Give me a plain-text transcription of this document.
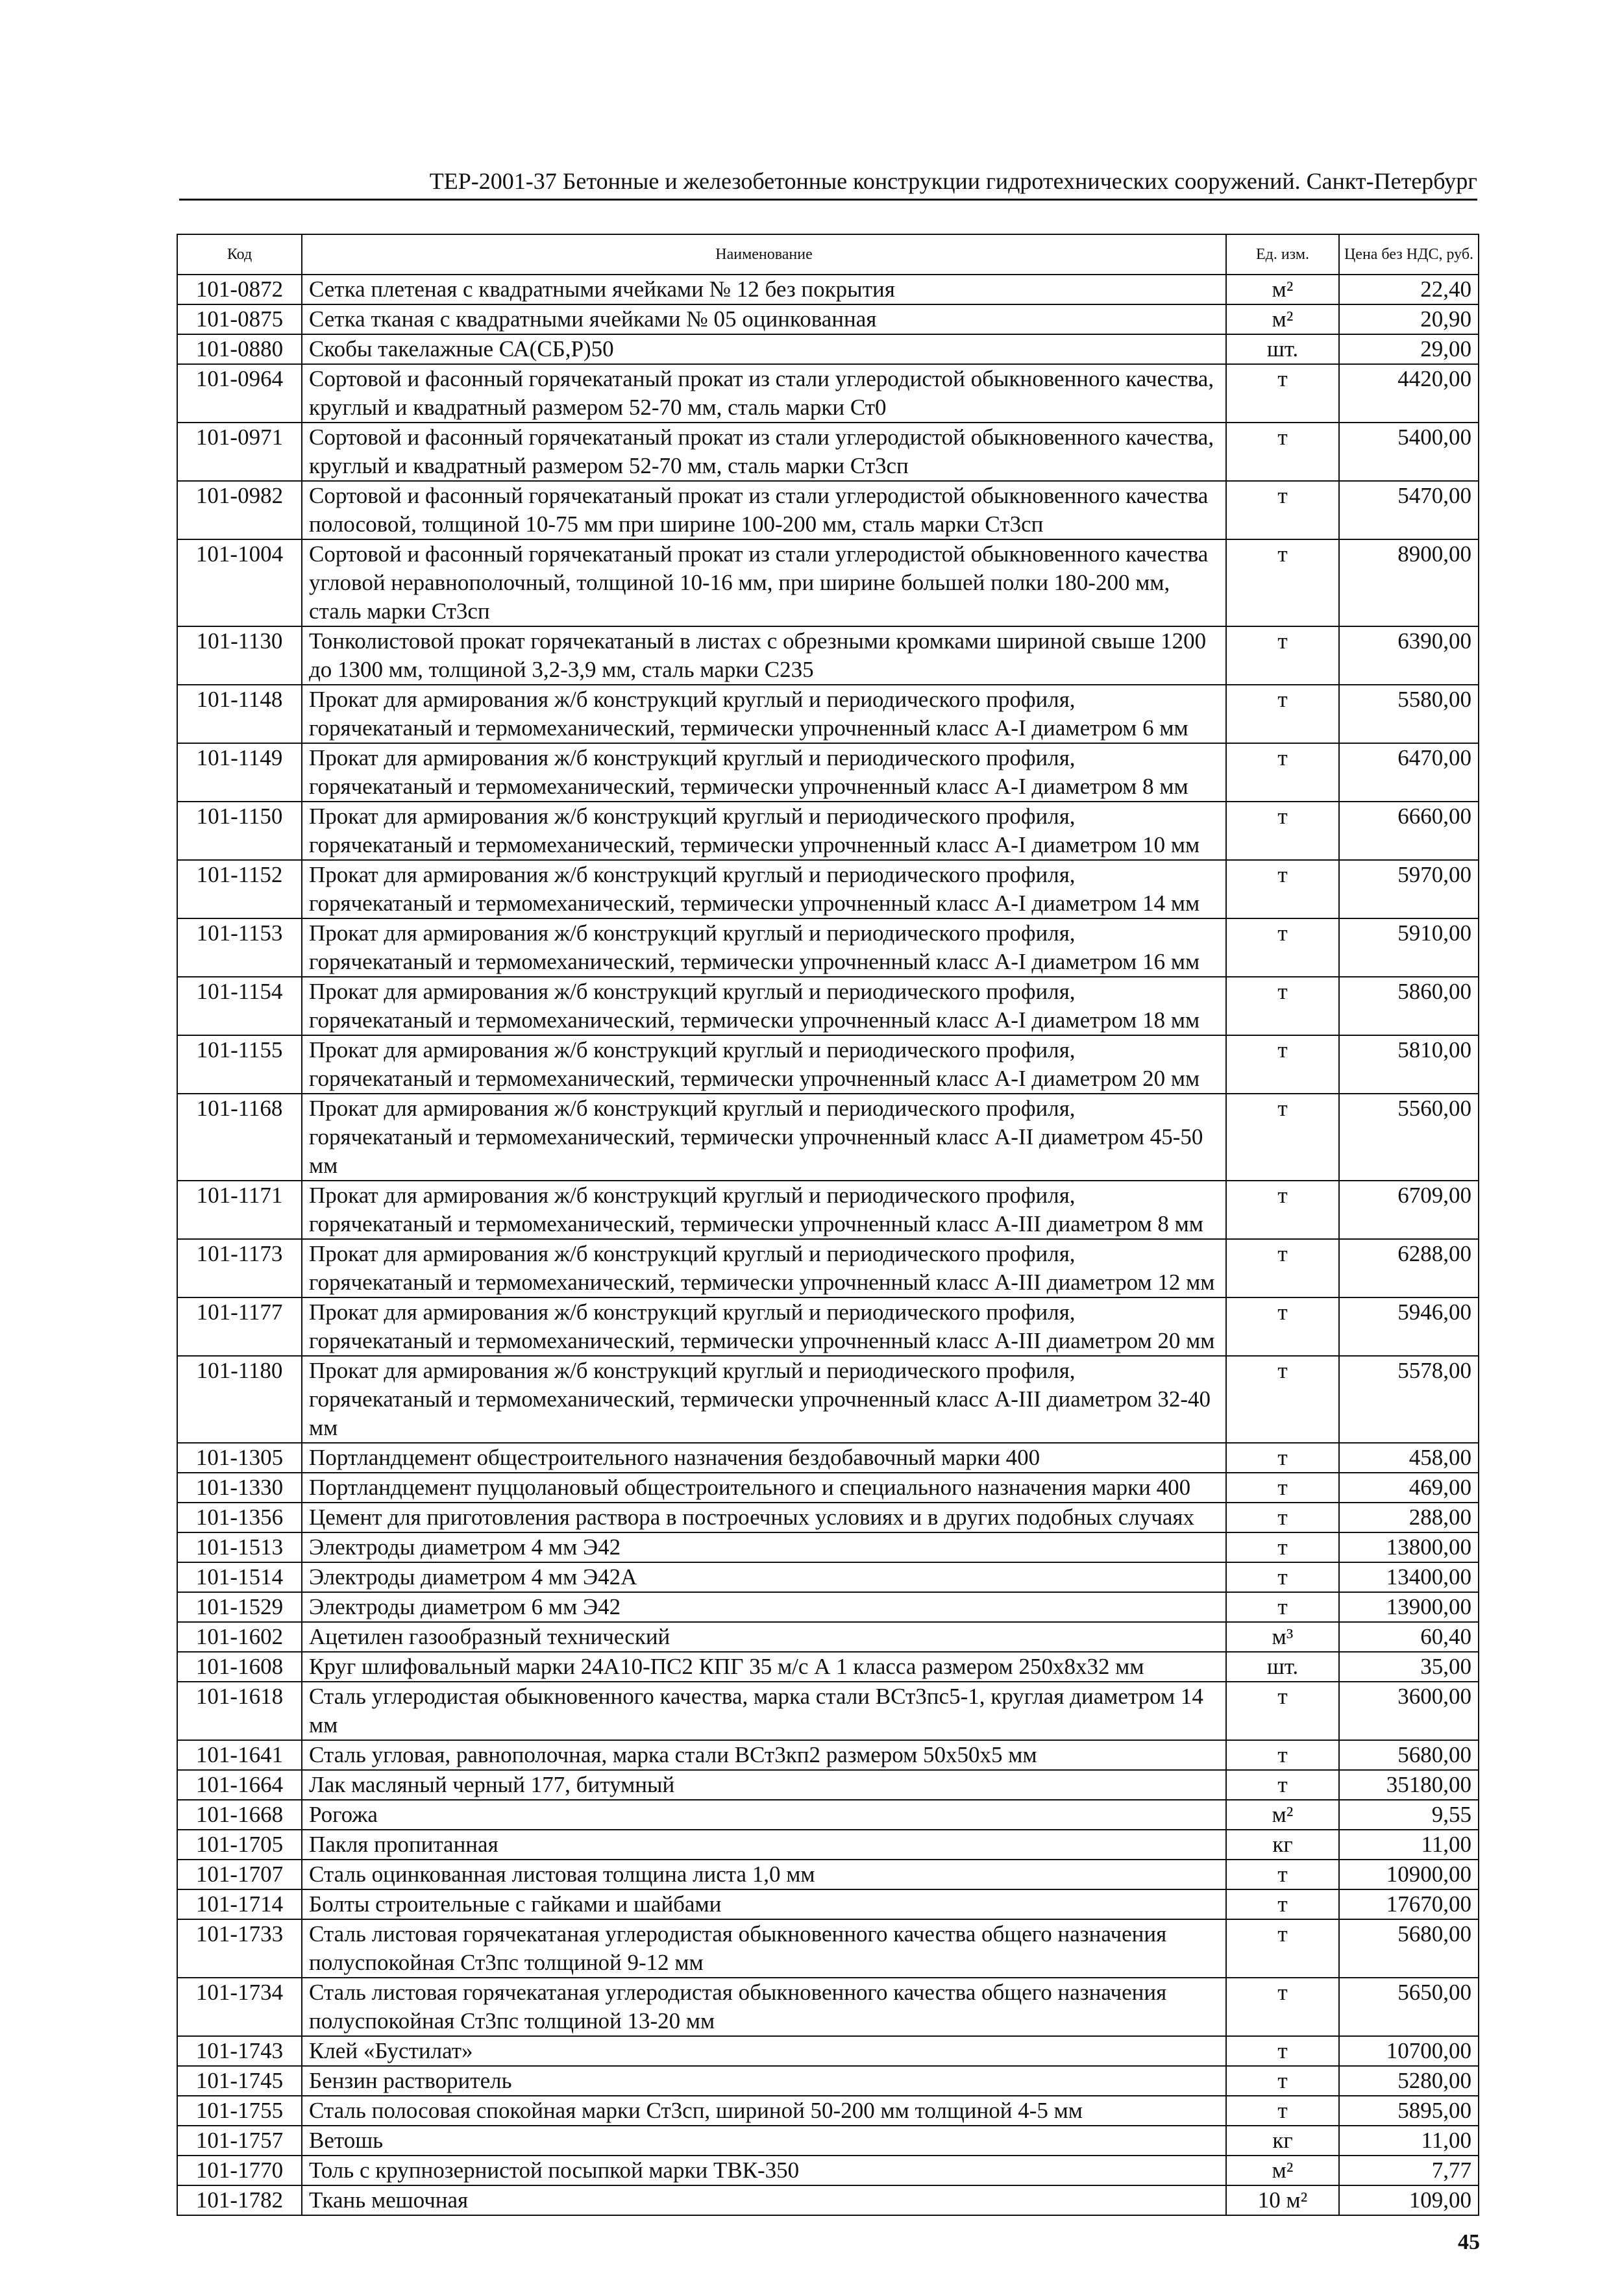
ТЕР-2001-37 Бетонные и железобетонные конструкции гидротехнических сооружений. Санкт-Петербург
Код	Наименование	Ед. изм.	Цена без НДС, руб.
101-0872	Сетка плетеная с квадратными ячейками № 12 без покрытия	м²	22,40
101-0875	Сетка тканая с квадратными ячейками № 05 оцинкованная	м²	20,90
101-0880	Скобы такелажные СА(СБ,Р)50	шт.	29,00
101-0964	Сортовой и фасонный горячекатаный прокат из стали углеродистой обыкновенного качества, круглый и квадратный размером 52-70 мм, сталь марки Ст0	т	4420,00
101-0971	Сортовой и фасонный горячекатаный прокат из стали углеродистой обыкновенного качества, круглый и квадратный размером 52-70 мм, сталь марки Ст3сп	т	5400,00
101-0982	Сортовой и фасонный горячекатаный прокат из стали углеродистой обыкновенного качества полосовой, толщиной 10-75 мм при ширине 100-200 мм, сталь марки Ст3сп	т	5470,00
101-1004	Сортовой и фасонный горячекатаный прокат из стали углеродистой обыкновенного качества угловой неравнополочный, толщиной 10-16 мм, при ширине большей полки 180-200 мм, сталь марки Ст3сп	т	8900,00
101-1130	Тонколистовой прокат горячекатаный в листах с обрезными кромками шириной свыше 1200 до 1300 мм, толщиной 3,2-3,9 мм, сталь марки С235	т	6390,00
101-1148	Прокат для армирования ж/б конструкций круглый и периодического профиля, горячекатаный и термомеханический, термически упрочненный класс А-I диаметром 6 мм	т	5580,00
101-1149	Прокат для армирования ж/б конструкций круглый и периодического профиля, горячекатаный и термомеханический, термически упрочненный класс А-I диаметром 8 мм	т	6470,00
101-1150	Прокат для армирования ж/б конструкций круглый и периодического профиля, горячекатаный и термомеханический, термически упрочненный класс А-I диаметром 10 мм	т	6660,00
101-1152	Прокат для армирования ж/б конструкций круглый и периодического профиля, горячекатаный и термомеханический, термически упрочненный класс А-I диаметром 14 мм	т	5970,00
101-1153	Прокат для армирования ж/б конструкций круглый и периодического профиля, горячекатаный и термомеханический, термически упрочненный класс А-I диаметром 16 мм	т	5910,00
101-1154	Прокат для армирования ж/б конструкций круглый и периодического профиля, горячекатаный и термомеханический, термически упрочненный класс А-I диаметром 18 мм	т	5860,00
101-1155	Прокат для армирования ж/б конструкций круглый и периодического профиля, горячекатаный и термомеханический, термически упрочненный класс А-I диаметром 20 мм	т	5810,00
101-1168	Прокат для армирования ж/б конструкций круглый и периодического профиля, горячекатаный и термомеханический, термически упрочненный класс А-II диаметром 45-50 мм	т	5560,00
101-1171	Прокат для армирования ж/б конструкций круглый и периодического профиля, горячекатаный и термомеханический, термически упрочненный класс А-III диаметром 8 мм	т	6709,00
101-1173	Прокат для армирования ж/б конструкций круглый и периодического профиля, горячекатаный и термомеханический, термически упрочненный класс А-III диаметром 12 мм	т	6288,00
101-1177	Прокат для армирования ж/б конструкций круглый и периодического профиля, горячекатаный и термомеханический, термически упрочненный класс А-III диаметром 20 мм	т	5946,00
101-1180	Прокат для армирования ж/б конструкций круглый и периодического профиля, горячекатаный и термомеханический, термически упрочненный класс А-III диаметром 32-40 мм	т	5578,00
101-1305	Портландцемент общестроительного назначения бездобавочный марки 400	т	458,00
101-1330	Портландцемент пуццолановый общестроительного и специального назначения марки 400	т	469,00
101-1356	Цемент для приготовления раствора в построечных условиях и в других подобных случаях	т	288,00
101-1513	Электроды диаметром 4 мм Э42	т	13800,00
101-1514	Электроды диаметром 4 мм Э42А	т	13400,00
101-1529	Электроды диаметром 6 мм Э42	т	13900,00
101-1602	Ацетилен газообразный технический	м³	60,40
101-1608	Круг шлифовальный марки 24А10-ПС2 КПГ 35 м/с А 1 класса размером 250х8х32 мм	шт.	35,00
101-1618	Сталь углеродистая обыкновенного качества, марка стали ВСт3пс5-1, круглая диаметром 14 мм	т	3600,00
101-1641	Сталь угловая, равнополочная, марка стали ВСт3кп2 размером 50х50х5 мм	т	5680,00
101-1664	Лак масляный черный 177, битумный	т	35180,00
101-1668	Рогожа	м²	9,55
101-1705	Пакля пропитанная	кг	11,00
101-1707	Сталь оцинкованная листовая толщина листа 1,0 мм	т	10900,00
101-1714	Болты строительные с гайками и шайбами	т	17670,00
101-1733	Сталь листовая горячекатаная углеродистая обыкновенного качества общего назначения полуспокойная Ст3пс толщиной 9-12 мм	т	5680,00
101-1734	Сталь листовая горячекатаная углеродистая обыкновенного качества общего назначения полуспокойная Ст3пс толщиной 13-20 мм	т	5650,00
101-1743	Клей «Бустилат»	т	10700,00
101-1745	Бензин растворитель	т	5280,00
101-1755	Сталь полосовая спокойная марки Ст3сп, шириной 50-200 мм толщиной 4-5 мм	т	5895,00
101-1757	Ветошь	кг	11,00
101-1770	Толь с крупнозернистой посыпкой марки ТВК-350	м²	7,77
101-1782	Ткань мешочная	10 м²	109,00
45
